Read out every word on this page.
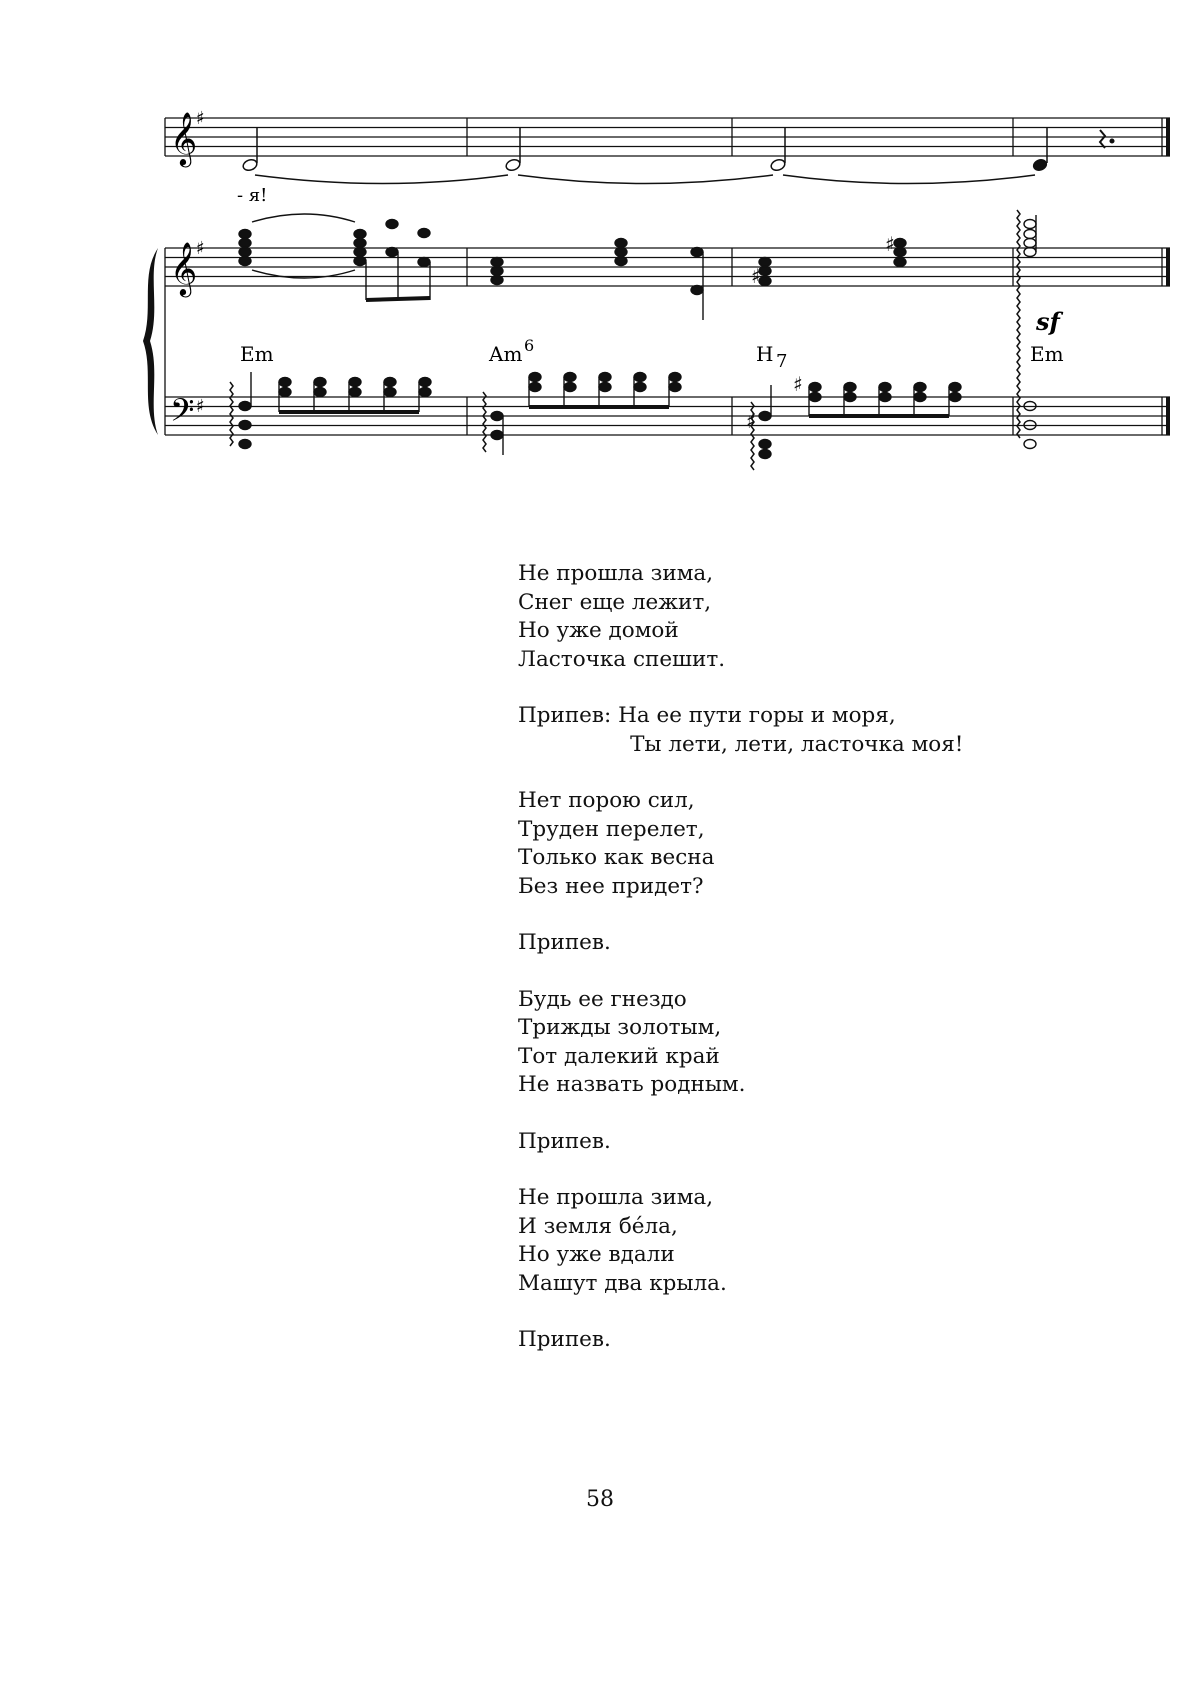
𝄞
𝄞
𝄢
♯
♯
♯
- я!
sf
Em	Am 6	H 7	Em
♯
♯
♯
♯

Не прошла зима,

Снег еще лежит,

Но уже домой

Ласточка спешит.

Припев: На ее пути горы и моря,

Ты лети, лети, ласточка моя!

Нет порою сил,

Труден перелет,

Только как весна

Без нее придет?

Припев.

Будь ее гнездо

Трижды золотым,

Тот далекий край

Не назвать родным.

Припев.

Не прошла зима,

И земля бéла,

Но уже вдали

Машут два крыла.

Припев.

58
